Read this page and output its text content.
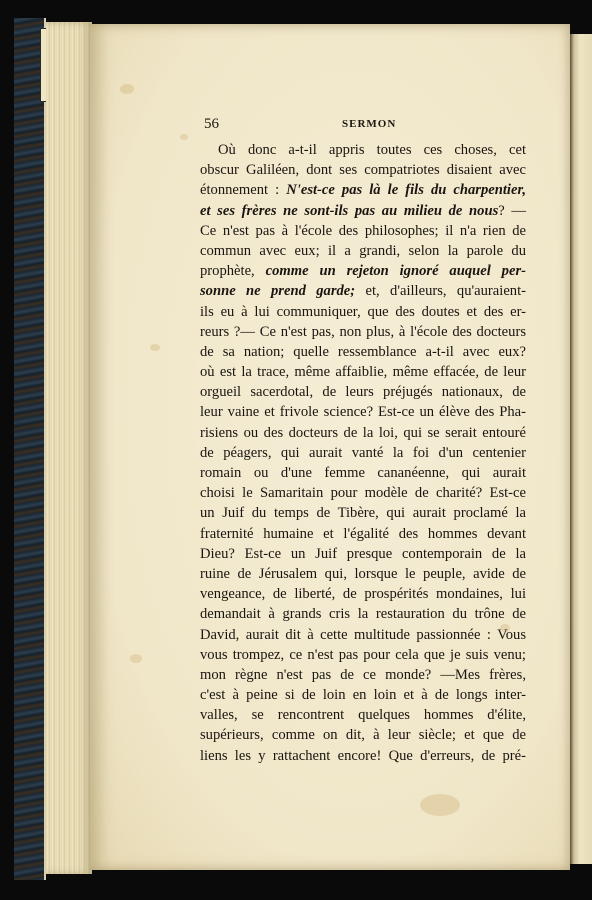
56	SERMON
Où donc a-t-il appris toutes ces choses, cet
obscur Galiléen, dont ses compatriotes disaient avec
étonnement : N'est-ce pas là le fils du charpentier,
et ses frères ne sont-ils pas au milieu de nous? —
Ce n'est pas à l'école des philosophes; il n'a rien de
commun avec eux; il a grandi, selon la parole du
prophète, comme un rejeton ignoré auquel per-
sonne ne prend garde; et, d'ailleurs, qu'auraient-
ils eu à lui communiquer, que des doutes et des er-
reurs ?— Ce n'est pas, non plus, à l'école des docteurs
de sa nation; quelle ressemblance a-t-il avec eux?
où est la trace, même affaiblie, même effacée, de leur
orgueil sacerdotal, de leurs préjugés nationaux, de
leur vaine et frivole science? Est-ce un élève des Pha-
risiens ou des docteurs de la loi, qui se serait entouré
de péagers, qui aurait vanté la foi d'un centenier
romain ou d'une femme cananéenne, qui aurait
choisi le Samaritain pour modèle de charité? Est-ce
un Juif du temps de Tibère, qui aurait proclamé la
fraternité humaine et l'égalité des hommes devant
Dieu? Est-ce un Juif presque contemporain de la
ruine de Jérusalem qui, lorsque le peuple, avide de
vengeance, de liberté, de prospérités mondaines, lui
demandait à grands cris la restauration du trône de
David, aurait dit à cette multitude passionnée : Vous
vous trompez, ce n'est pas pour cela que je suis venu;
mon règne n'est pas de ce monde? —Mes frères,
c'est à peine si de loin en loin et à de longs inter-
valles, se rencontrent quelques hommes d'élite,
supérieurs, comme on dit, à leur siècle; et que de
liens les y rattachent encore! Que d'erreurs, de pré-
